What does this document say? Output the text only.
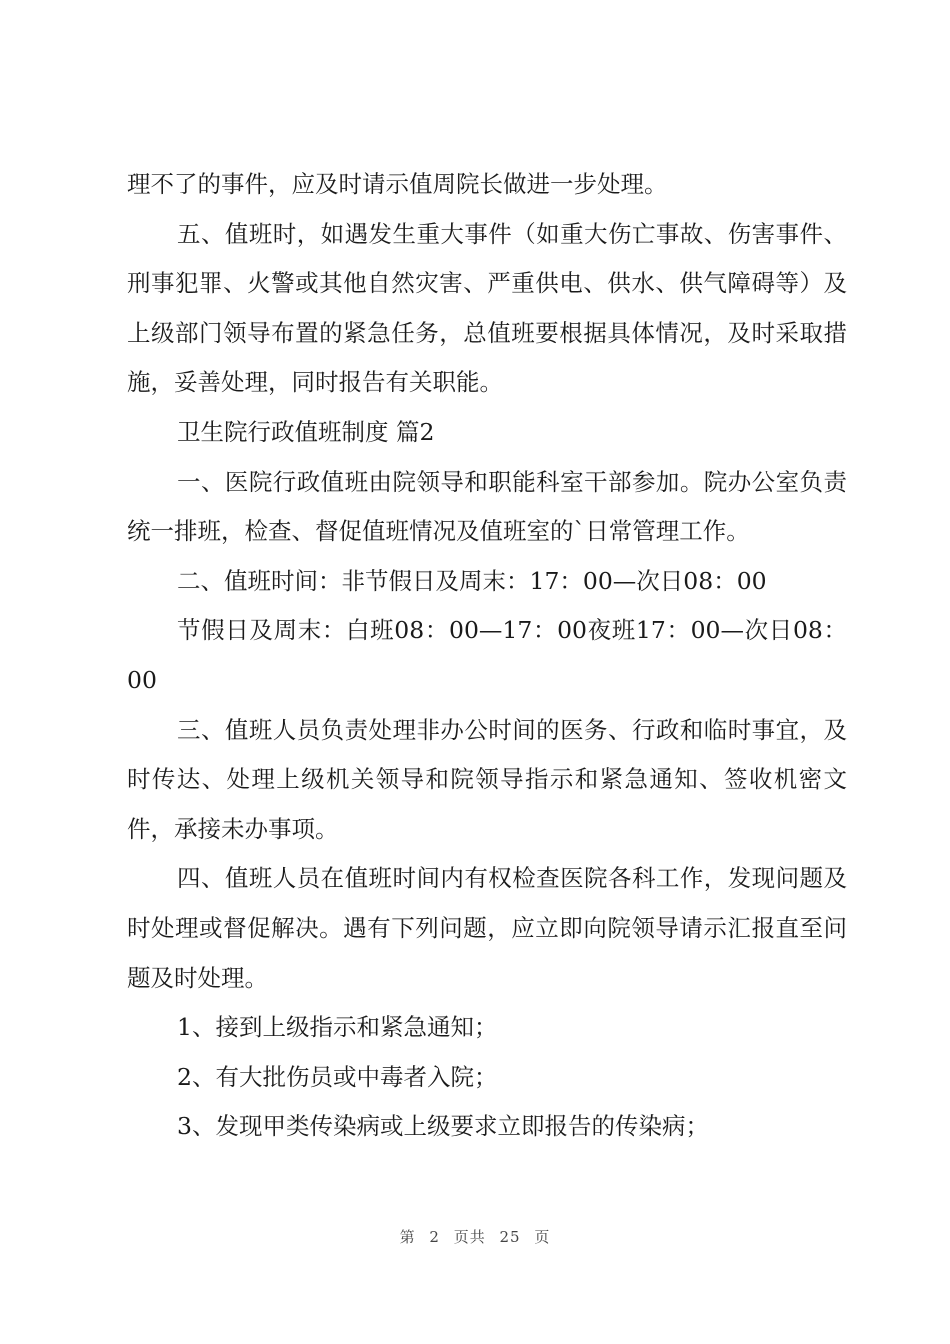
理不了的事件，应及时请示值周院长做进一步处理。

五、值班时，如遇发生重大事件（如重大伤亡事故、伤害事件、刑事犯罪、火警或其他自然灾害、严重供电、供水、供气障碍等）及上级部门领导布置的紧急任务，总值班要根据具体情况，及时采取措施，妥善处理，同时报告有关职能。

卫生院行政值班制度 篇2

一、医院行政值班由院领导和职能科室干部参加。院办公室负责统一排班，检查、督促值班情况及值班室的`日常管理工作。

二、值班时间：非节假日及周末：17：00—次日08：00

节假日及周末：白班08：00—17：00夜班17：00—次日08：00

三、值班人员负责处理非办公时间的医务、行政和临时事宜，及时传达、处理上级机关领导和院领导指示和紧急通知、签收机密文件，承接未办事项。

四、值班人员在值班时间内有权检查医院各科工作，发现问题及时处理或督促解决。遇有下列问题，应立即向院领导请示汇报直至问题及时处理。

1、接到上级指示和紧急通知；

2、有大批伤员或中毒者入院；

3、发现甲类传染病或上级要求立即报告的传染病；

第 2 页共 25 页
